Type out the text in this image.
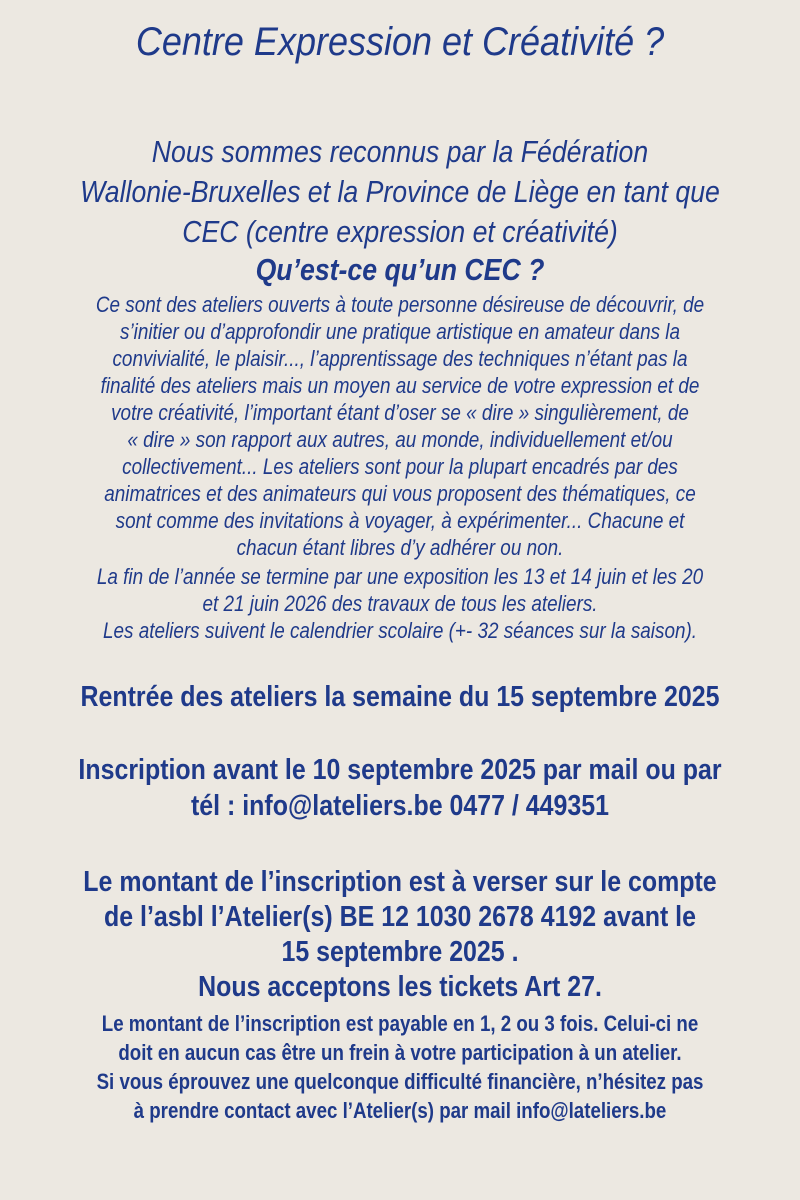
Centre Expression et Créativité ?
Nous sommes reconnus par la Fédération
Wallonie-Bruxelles et la Province de Liège en tant que
CEC (centre expression et créativité)
Qu’est-ce qu’un CEC ?
Ce sont des ateliers ouverts à toute personne désireuse de découvrir, de
s’initier ou d’approfondir une pratique artistique en amateur dans la
convivialité, le plaisir..., l’apprentissage des techniques n’étant pas la
finalité des ateliers mais un moyen au service de votre expression et de
votre créativité, l’important étant d’oser se « dire » singulièrement, de
« dire » son rapport aux autres, au monde, individuellement et/ou
collectivement... Les ateliers sont pour la plupart encadrés par des
animatrices et des animateurs qui vous proposent des thématiques, ce
sont comme des invitations à voyager, à expérimenter... Chacune et
chacun étant libres d’y adhérer ou non.
La fin de l’année se termine par une exposition les 13 et 14 juin et les 20
et 21 juin 2026 des travaux de tous les ateliers.
Les ateliers suivent le calendrier scolaire (+- 32 séances sur la saison).
Rentrée des ateliers la semaine du 15 septembre 2025
Inscription avant le 10 septembre 2025 par mail ou par
tél : info@lateliers.be 0477 / 449351
Le montant de l’inscription est à verser sur le compte
de l’asbl l’Atelier(s) BE 12 1030 2678 4192 avant le
15 septembre 2025 .
Nous acceptons les tickets Art 27.
Le montant de l’inscription est payable en 1, 2 ou 3 fois. Celui-ci ne
doit en aucun cas être un frein à votre participation à un atelier.
Si vous éprouvez une quelconque difficulté financière, n’hésitez pas
à prendre contact avec l’Atelier(s) par mail info@lateliers.be
